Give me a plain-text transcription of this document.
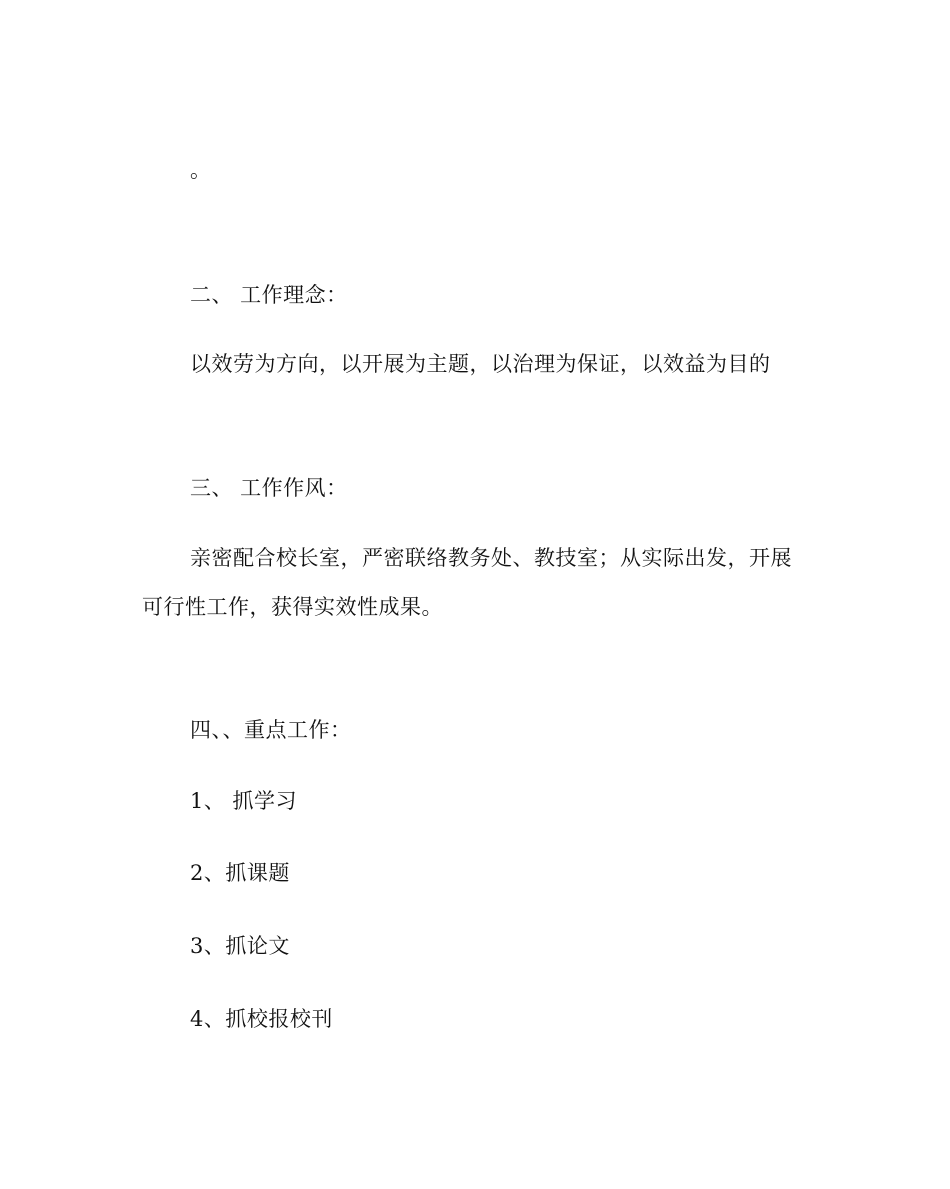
。
二、 工作理念：
以效劳为方向，以开展为主题，以治理为保证，以效益为目的
三、 工作作风：
亲密配合校长室，严密联络教务处、教技室；从实际出发，开展
可行性工作，获得实效性成果。
四、、重点工作：
1、 抓学习
2、抓课题
3、抓论文
4、抓校报校刊
